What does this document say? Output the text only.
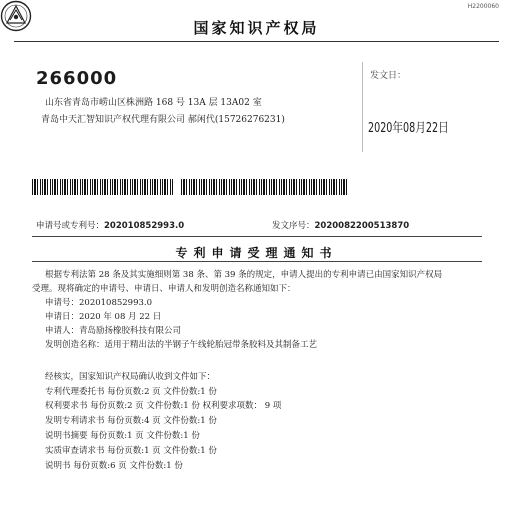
H2200060
国家知识产权局
266000
山东省青岛市崂山区株洲路 168 号 13A 层 13A02 室
青岛中天汇智知识产权代理有限公司 郝闲代(15726276231)
发文日：
2020年08月22日
申请号或专利号：202010852993.0	发文序号：2020082200513870
专利申请受理通知书
根据专利法第 28 条及其实施细则第 38 条、第 39 条的规定，申请人提出的专利申请已由国家知识产权局
受理。现将确定的申请号、申请日、申请人和发明创造名称通知如下：
申请号：202010852993.0
申请日：2020 年 08 月 22 日
申请人：青岛励扬橡胶科技有限公司
发明创造名称：适用于精出法的半钢子午线轮胎冠带条胶料及其制备工艺
经核实，国家知识产权局确认收到文件如下：
专利代理委托书 每份页数:2 页 文件份数:1 份
权利要求书 每份页数:2 页 文件份数:1 份 权利要求项数： 9 项
发明专利请求书 每份页数:4 页 文件份数:1 份
说明书摘要 每份页数:1 页 文件份数:1 份
实质审查请求书 每份页数:1 页 文件份数:1 份
说明书 每份页数:6 页 文件份数:1 份
